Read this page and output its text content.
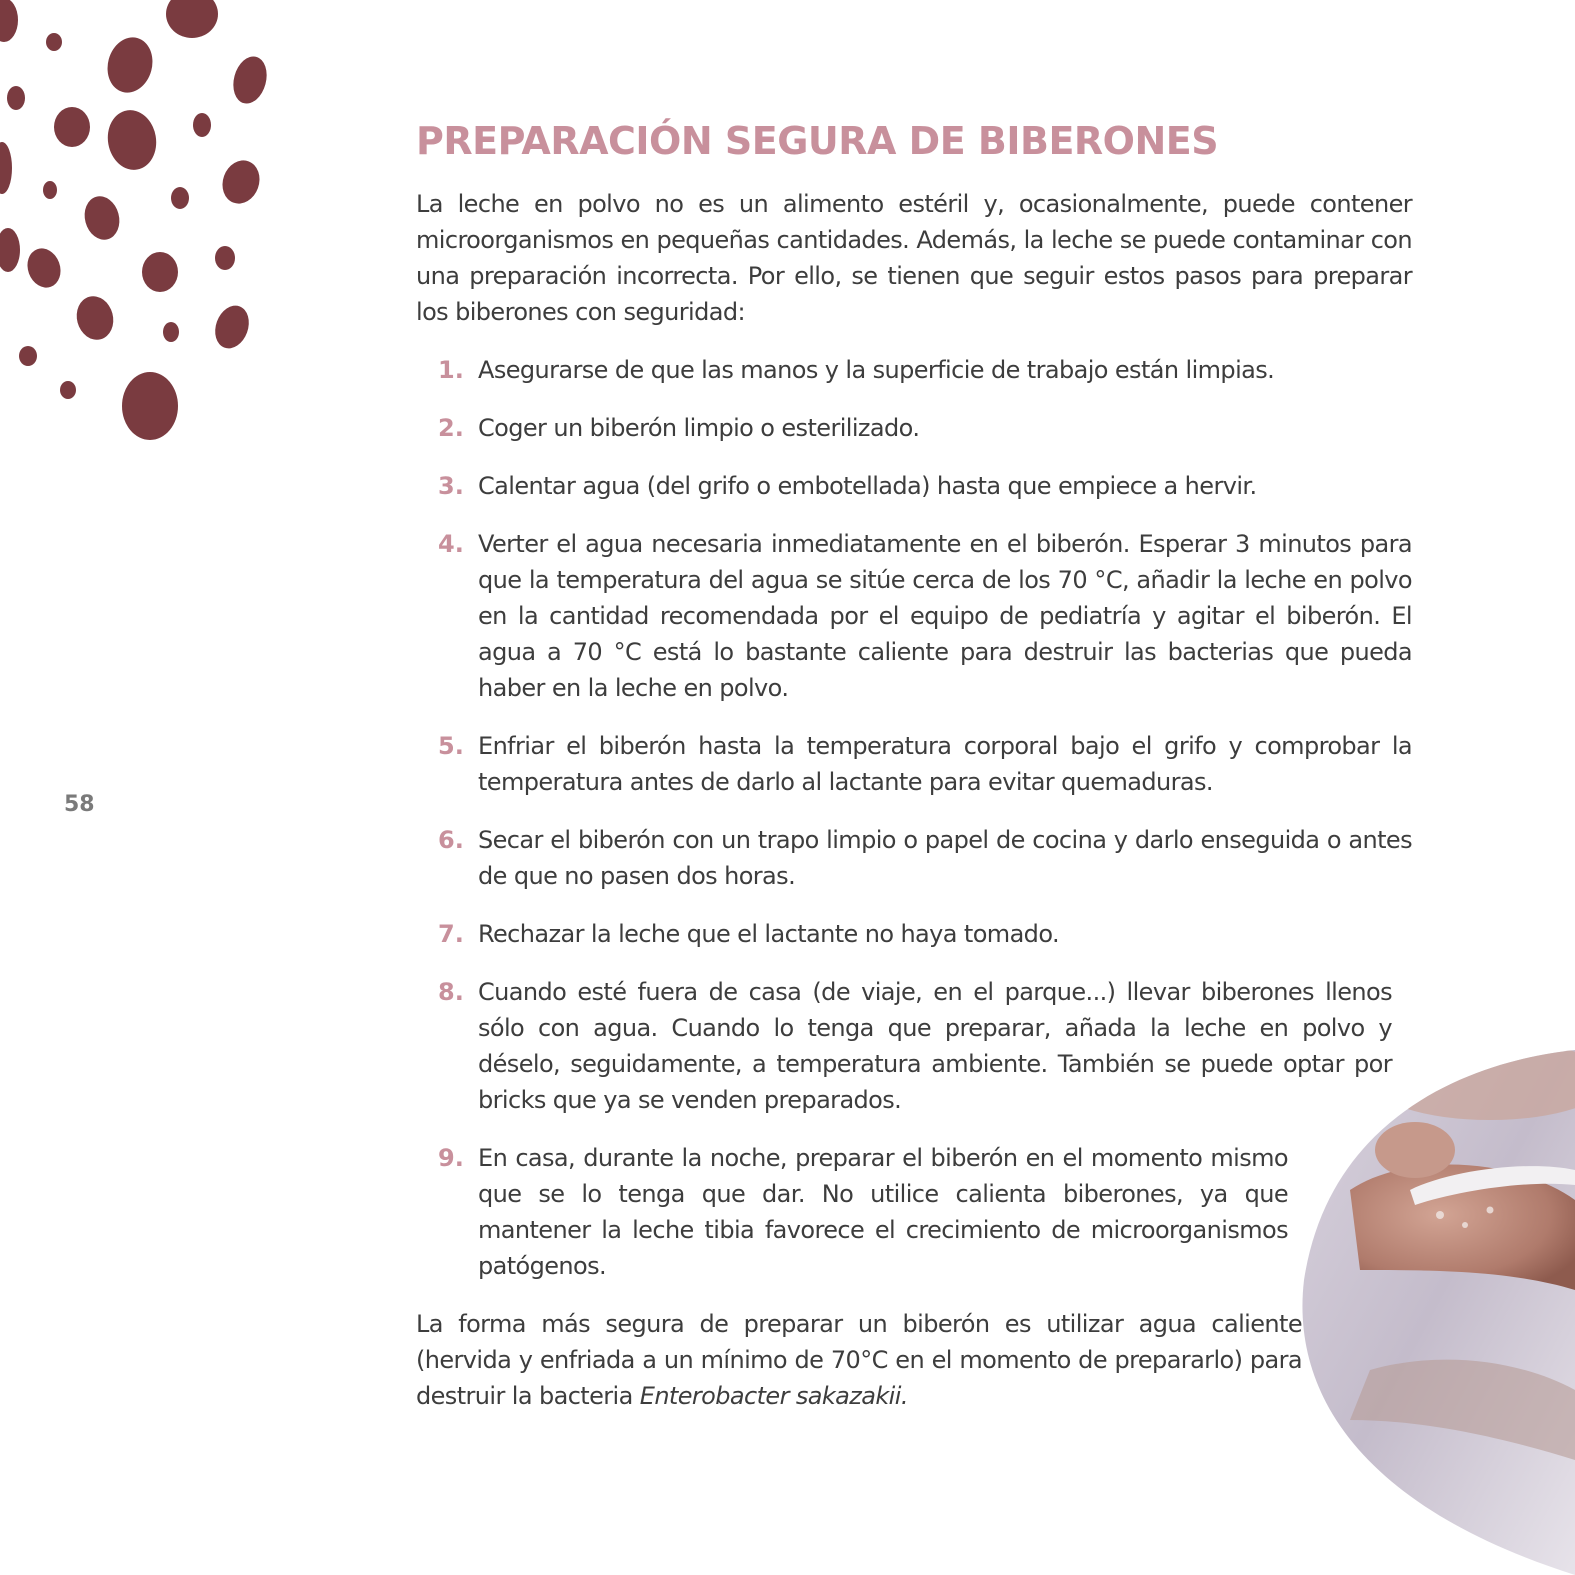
58

PREPARACIÓN SEGURA DE BIBERONES

La leche en polvo no es un alimento estéril y, ocasionalmente, puede contener microorganismos en pequeñas cantidades. Además, la leche se puede contaminar con una preparación incorrecta. Por ello, se tienen que seguir estos pasos para preparar los biberones con seguridad:

1. Asegurarse de que las manos y la superficie de trabajo están limpias.
2. Coger un biberón limpio o esterilizado.
3. Calentar agua (del grifo o embotellada) hasta que empiece a hervir.
4. Verter el agua necesaria inmediatamente en el biberón. Esperar 3 minutos para que la temperatura del agua se sitúe cerca de los 70 °C, añadir la leche en polvo en la cantidad recomendada por el equipo de pediatría y agitar el biberón. El agua a 70 °C está lo bastante caliente para destruir las bacterias que pueda haber en la leche en polvo.
5. Enfriar el biberón hasta la temperatura corporal bajo el grifo y comprobar la temperatura antes de darlo al lactante para evitar quemaduras.
6. Secar el biberón con un trapo limpio o papel de cocina y darlo enseguida o antes de que no pasen dos horas.
7. Rechazar la leche que el lactante no haya tomado.
8. Cuando esté fuera de casa (de viaje, en el parque...) llevar biberones llenos sólo con agua. Cuando lo tenga que preparar, añada la leche en polvo y déselo, seguidamente, a temperatura ambiente. También se puede optar por bricks que ya se venden preparados.
9. En casa, durante la noche, preparar el biberón en el momento mismo que se lo tenga que dar. No utilice calienta biberones, ya que mantener la leche tibia favorece el crecimiento de microorganismos patógenos.

La forma más segura de preparar un biberón es utilizar agua caliente (hervida y enfriada a un mínimo de 70°C en el momento de prepararlo) para destruir la bacteria Enterobacter sakazakii.
